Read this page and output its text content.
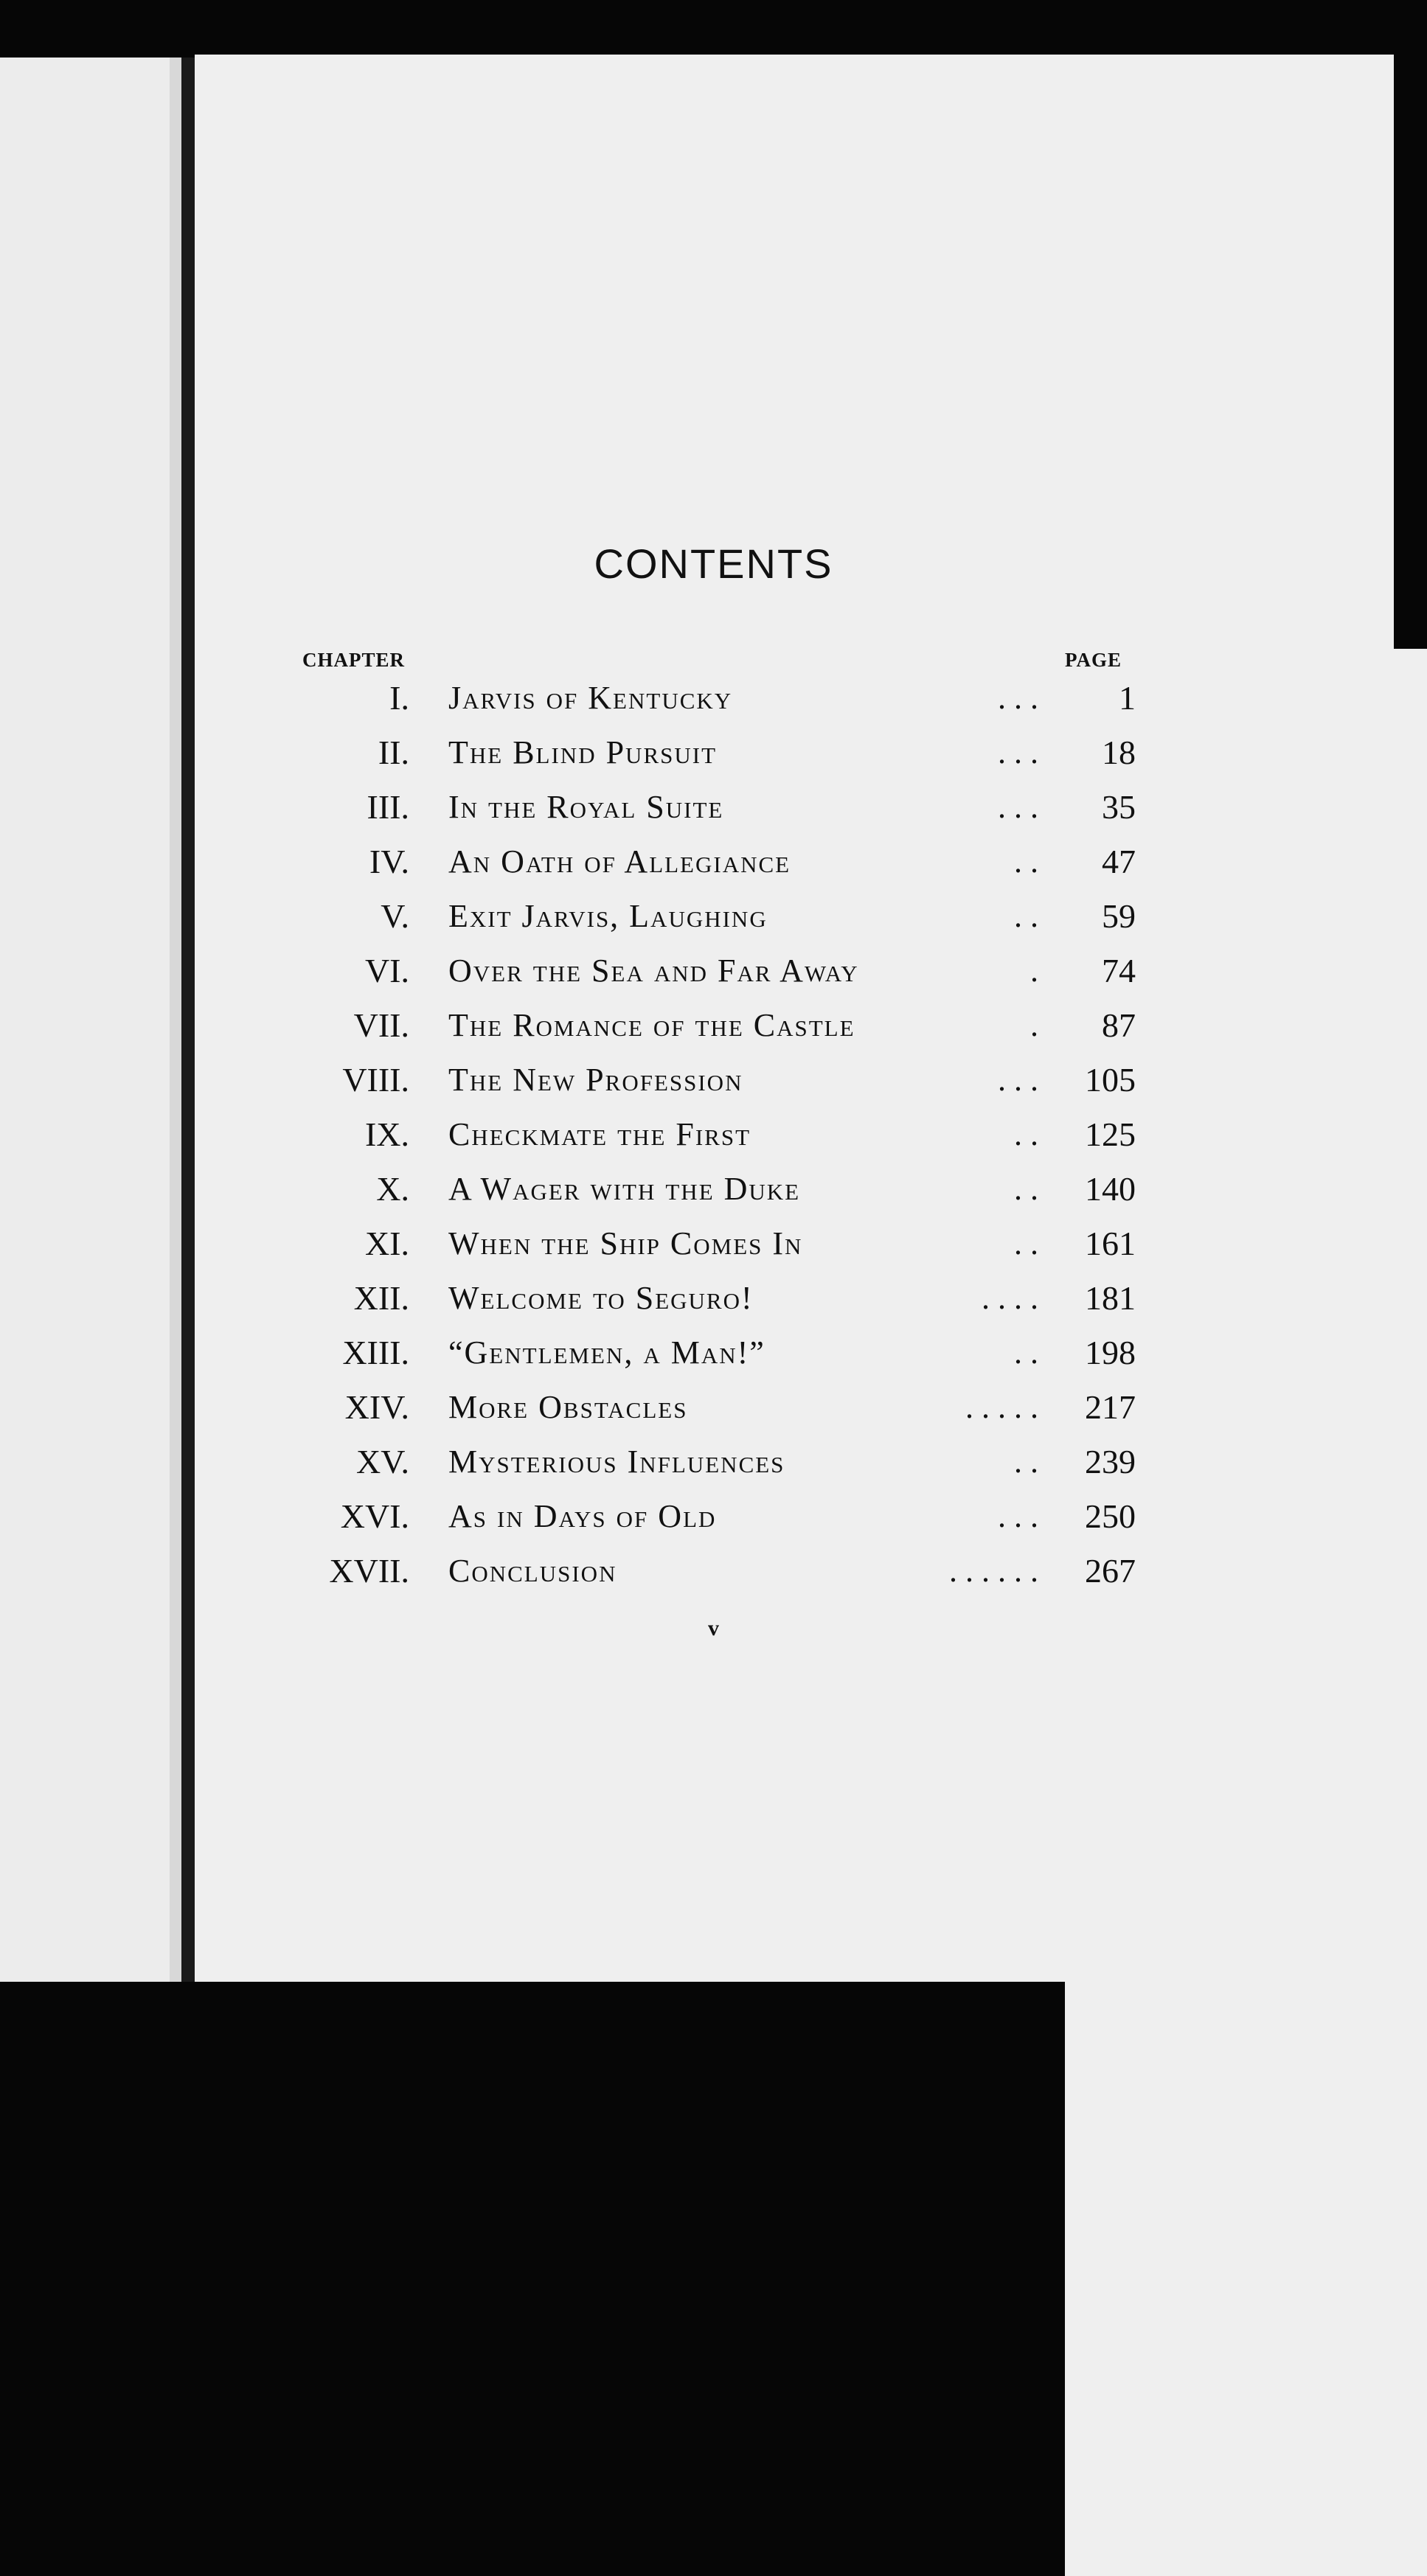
CONTENTS
CHAPTER	PAGE
I. Jarvis of Kentucky	. . .	1
II. The Blind Pursuit	. . .	18
III. In the Royal Suite	. . .	35
IV. An Oath of Allegiance	. .	47
V. Exit Jarvis, Laughing	. .	59
VI. Over the Sea and Far Away	.	74
VII. The Romance of the Castle	.	87
VIII. The New Profession	. . .	105
IX. Checkmate the First	. .	125
X. A Wager with the Duke	. .	140
XI. When the Ship Comes In	. .	161
XII. Welcome to Seguro!	. . . .	181
XIII. “Gentlemen, a Man!”	. .	198
XIV. More Obstacles	. . . . .	217
XV. Mysterious Influences	. .	239
XVI. As in Days of Old	. . .	250
XVII. Conclusion	. . . . . .	267
v
